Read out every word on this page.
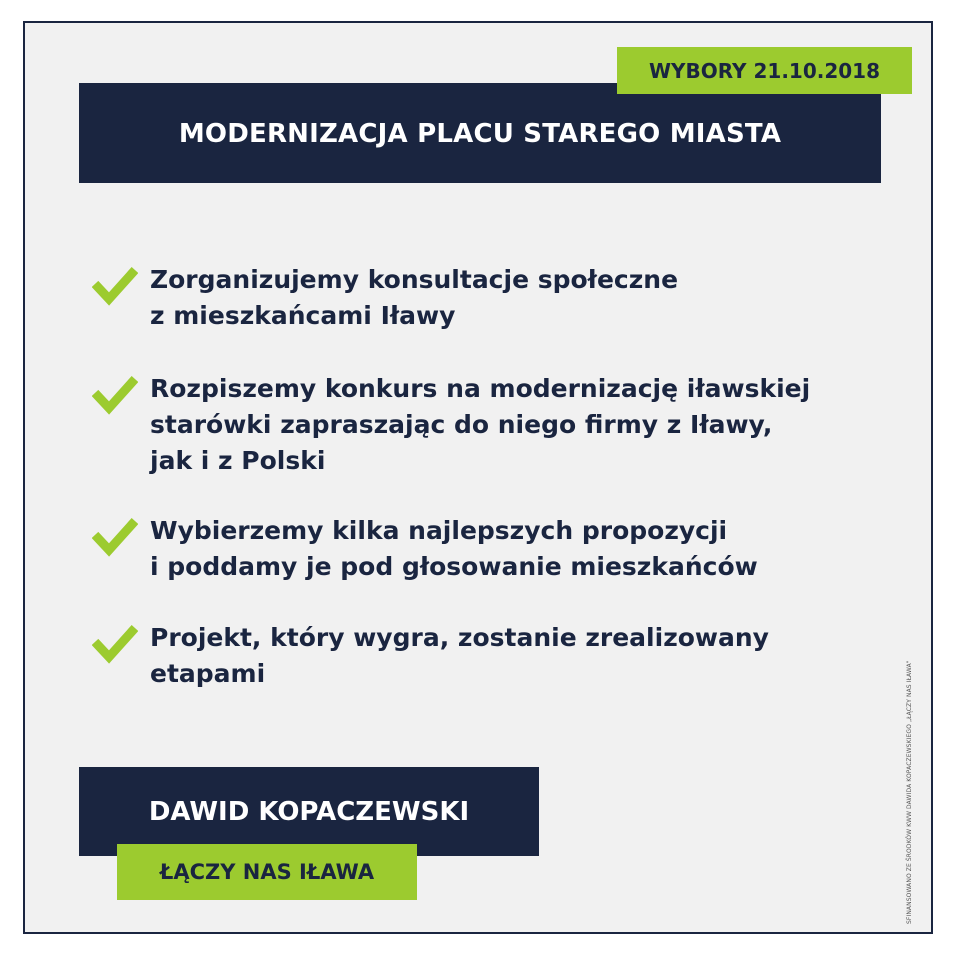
MODERNIZACJA PLACU STAREGO MIASTA
WYBORY 21.10.2018
Zorganizujemy konsultacje społeczne
z mieszkańcami Iławy
Rozpiszemy konkurs na modernizację iławskiej
starówki zapraszając do niego firmy z Iławy,
jak i z Polski
Wybierzemy kilka najlepszych propozycji
i poddamy je pod głosowanie mieszkańców
Projekt, który wygra, zostanie zrealizowany
etapami
DAWID KOPACZEWSKI
ŁĄCZY NAS IŁAWA	SFINANSOWANO ZE ŚRODKÓW KWW DAWIDA KOPACZEWSKIEGO „ŁĄCZY NAS IŁAWA"
